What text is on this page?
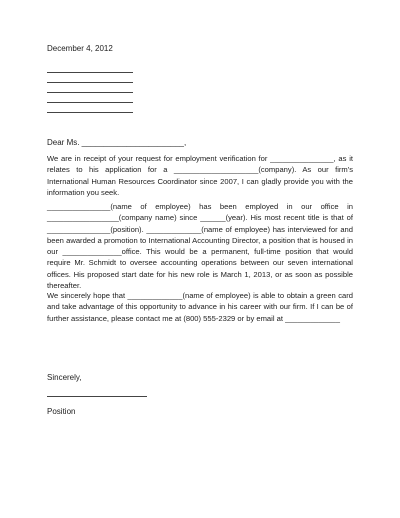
December 4, 2012
Dear Ms. _______________________,

We are in receipt of your request for employment verification for _______________, as it relates to his application for a ____________________(company). As our firm's International Human Resources Coordinator since 2007, I can gladly provide you with the information you seek.

_______________(name of employee) has been employed in our office in _________________(company name) since ______(year). His most recent title is that of _______________(position). _____________(name of employee) has interviewed for and been awarded a promotion to International Accounting Director, a position that is housed in our ______________office. This would be a permanent, full-time position that would require Mr. Schmidt to oversee accounting operations between our seven international offices. His proposed start date for his new role is March 1, 2013, or as soon as possible thereafter.

We sincerely hope that _____________(name of employee) is able to obtain a green card and take advantage of this opportunity to advance in his career with our firm. If I can be of further assistance, please contact me at (800) 555-2329 or by email at _____________

Sincerely,
Position
